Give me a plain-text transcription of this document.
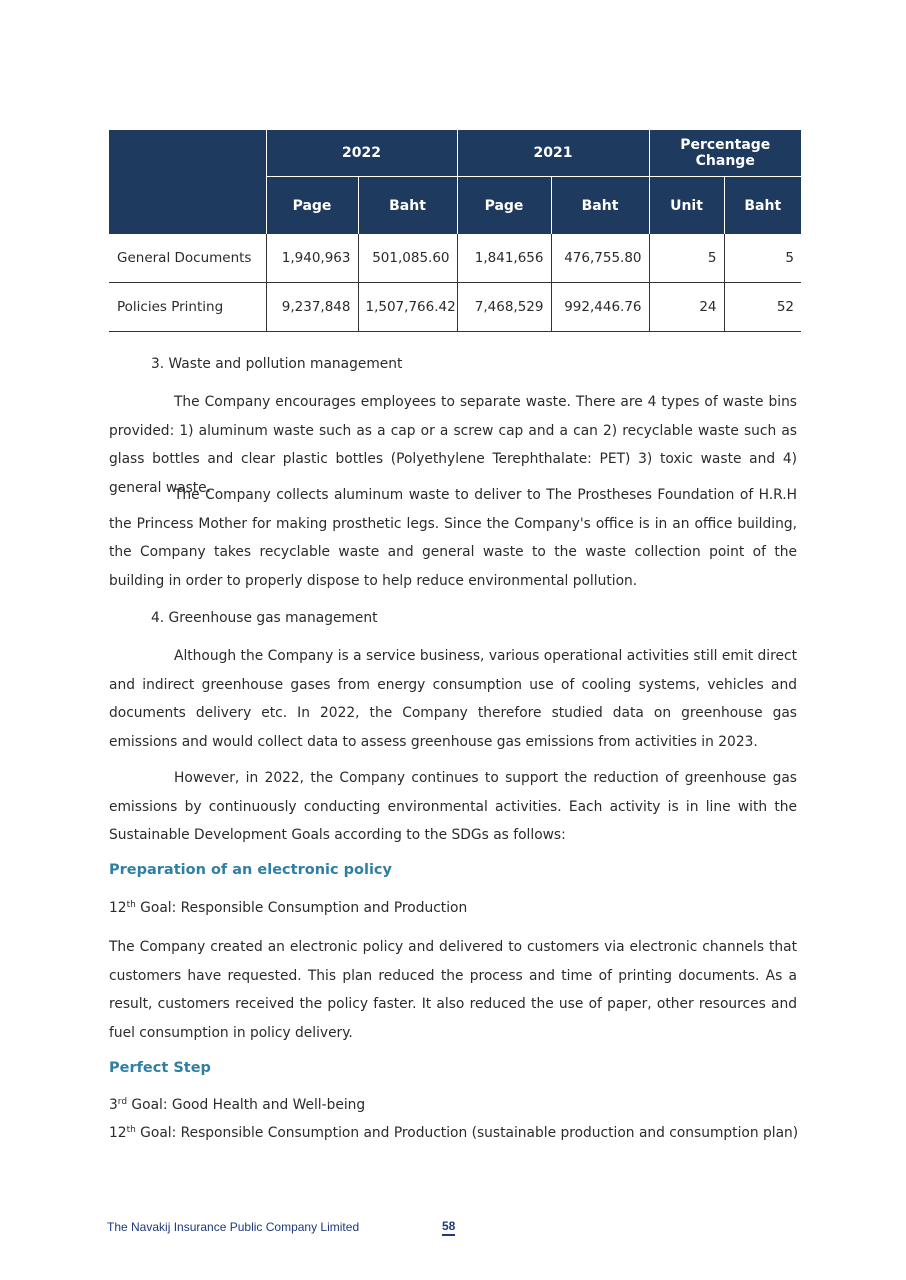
	2022		2021		Percentage Change	
	Page	Baht	Page	Baht	Unit	Baht
General Documents	1,940,963	501,085.60	1,841,656	476,755.80	5	5
Policies Printing	9,237,848	1,507,766.42	7,468,529	992,446.76	24	52

3. Waste and pollution management

The Company encourages employees to separate waste. There are 4 types of waste bins provided: 1) aluminum waste such as a cap or a screw cap and a can 2) recyclable waste such as glass bottles and clear plastic bottles (Polyethylene Terephthalate: PET) 3) toxic waste and 4) general waste.

The Company collects aluminum waste to deliver to The Prostheses Foundation of H.R.H the Princess Mother for making prosthetic legs. Since the Company's office is in an office building, the Company takes recyclable waste and general waste to the waste collection point of the building in order to properly dispose to help reduce environmental pollution.

4. Greenhouse gas management

Although the Company is a service business, various operational activities still emit direct and indirect greenhouse gases from energy consumption use of cooling systems, vehicles and documents delivery etc. In 2022, the Company therefore studied data on greenhouse gas emissions and would collect data to assess greenhouse gas emissions from activities in 2023.

However, in 2022, the Company continues to support the reduction of greenhouse gas emissions by continuously conducting environmental activities. Each activity is in line with the Sustainable Development Goals according to the SDGs as follows:

Preparation of an electronic policy

12th Goal: Responsible Consumption and Production

The Company created an electronic policy and delivered to customers via electronic channels that customers have requested. This plan reduced the process and time of printing documents. As a result, customers received the policy faster. It also reduced the use of paper, other resources and fuel consumption in policy delivery.

Perfect Step

3rd Goal: Good Health and Well-being

12th Goal: Responsible Consumption and Production (sustainable production and consumption plan)

The Navakij Insurance Public Company Limited	58
